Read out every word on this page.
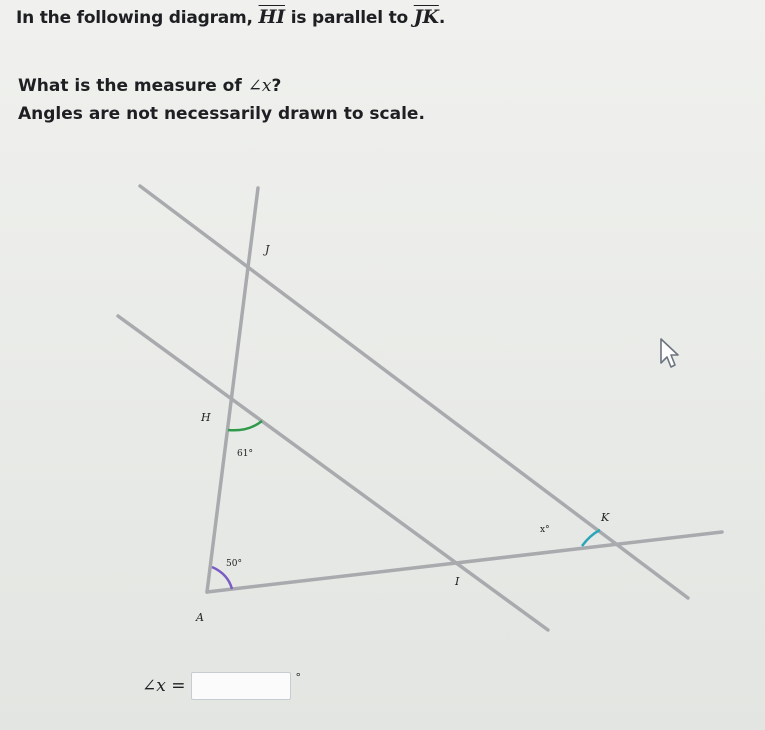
In the following diagram, $\overline{HI}$ is parallel to $\overline{JK}$.
What is the measure of ∠x?
Angles are not necessarily drawn to scale.
J
H
I
K
A
61°
50°
x°
∠x =	°
